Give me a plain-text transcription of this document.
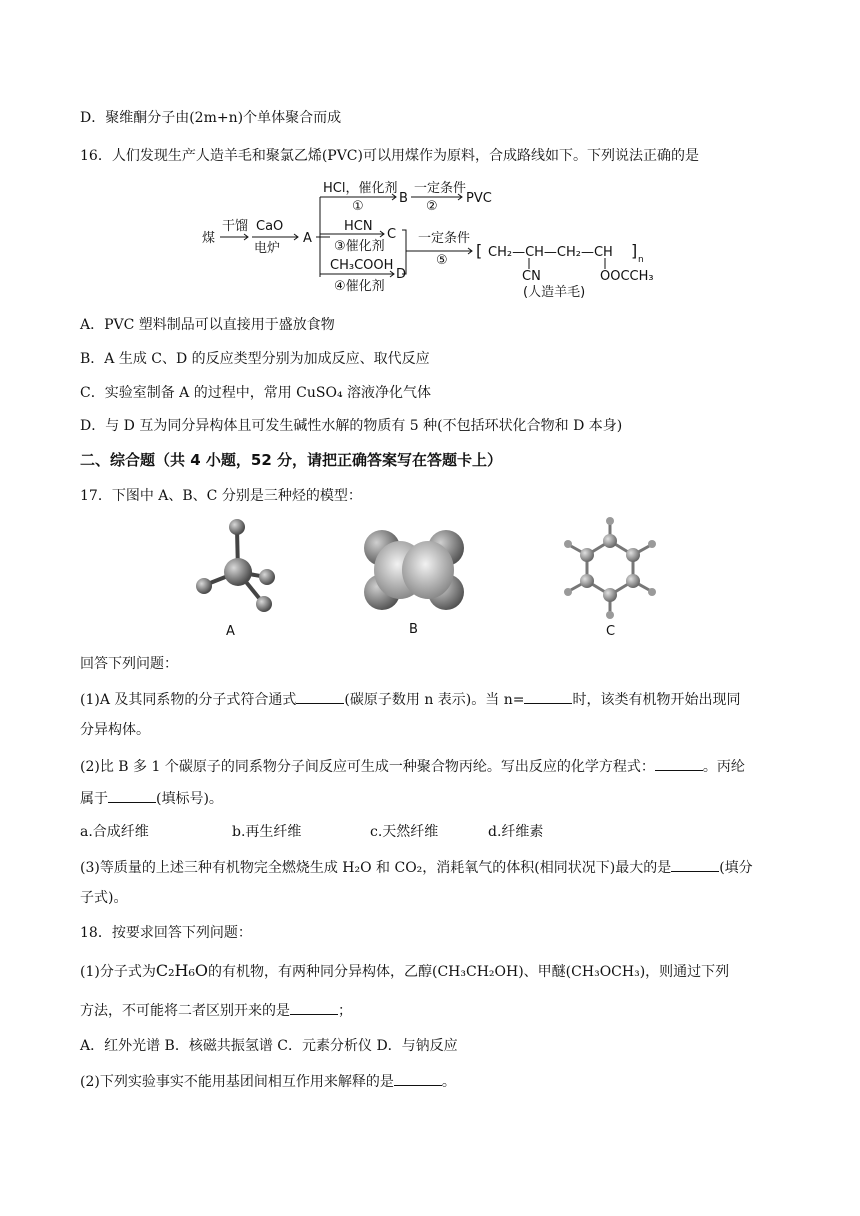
D．聚维酮分子由(2m+n)个单体聚合而成
16．人们发现生产人造羊毛和聚氯乙烯(PVC)可以用煤作为原料，合成路线如下。下列说法正确的是
煤
干馏 CaO
电炉
A
HCl，催化剂
①
B
一定条件
②
PVC
HCN
③催化剂
C
CH₃COOH
④催化剂
D
一定条件
⑤
[ CH₂—CH—CH₂—CH ] n
CN	OOCCH₃
(人造羊毛)
A．PVC 塑料制品可以直接用于盛放食物
B．A 生成 C、D 的反应类型分别为加成反应、取代反应
C．实验室制备 A 的过程中，常用 CuSO₄ 溶液净化气体
D．与 D 互为同分异构体且可发生碱性水解的物质有 5 种(不包括环状化合物和 D 本身)
二、综合题（共 4 小题，52 分，请把正确答案写在答题卡上）
17．下图中 A、B、C 分别是三种烃的模型：
A	B	C
回答下列问题：
(1)A 及其同系物的分子式符合通式	(碳原子数用 n 表示)。当 n=	时，该类有机物开始出现同
分异构体。
(2)比 B 多 1 个碳原子的同系物分子间反应可生成一种聚合物丙纶。写出反应的化学方程式：	。丙纶
属于	(填标号)。
a.合成纤维	b.再生纤维	c.天然纤维	d.纤维素
(3)等质量的上述三种有机物完全燃烧生成 H₂O 和 CO₂，消耗氧气的体积(相同状况下)最大的是	(填分
子式)。
18．按要求回答下列问题：
(1)分子式为C₂H₆O的有机物，有两种同分异构体，乙醇(CH₃CH₂OH)、甲醚(CH₃OCH₃)，则通过下列
方法，不可能将二者区别开来的是	；
A．红外光谱 B．核磁共振氢谱 C．元素分析仪 D．与钠反应
(2)下列实验事实不能用基团间相互作用来解释的是	。
